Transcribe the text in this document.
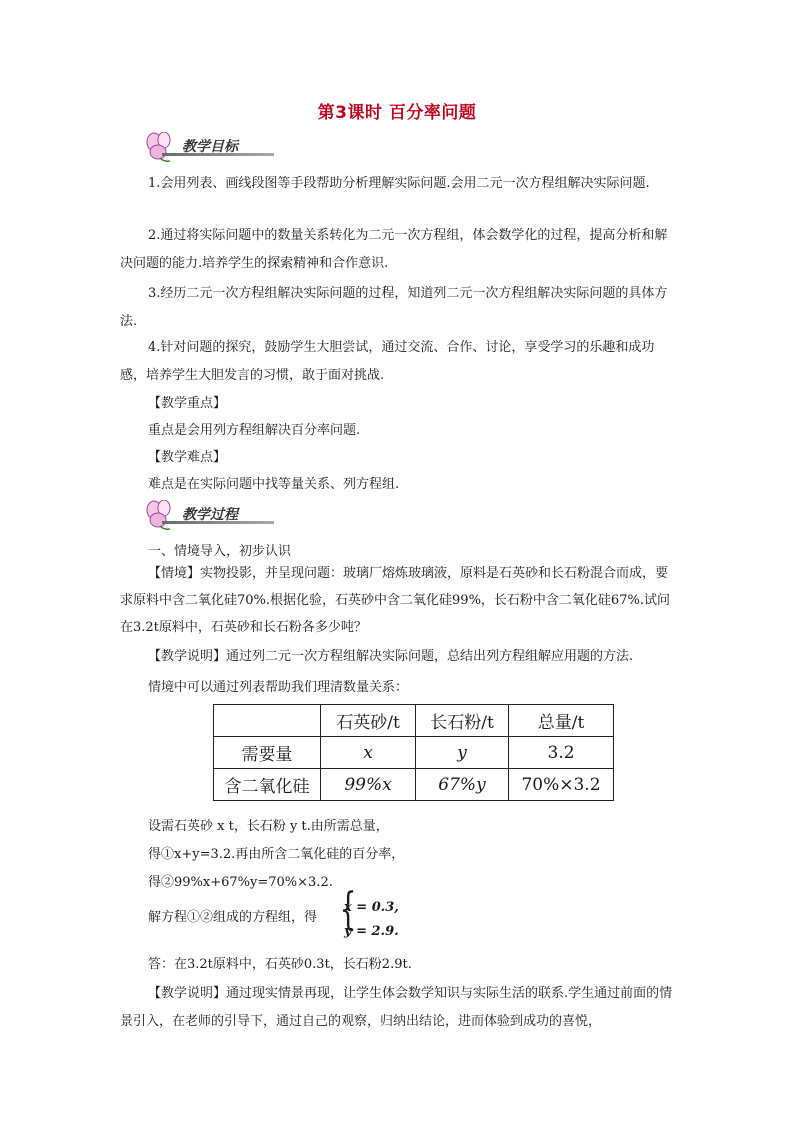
第3课时 百分率问题
教学目标
1.会用列表、画线段图等手段帮助分析理解实际问题.会用二元一次方程组解决实际问题.
2.通过将实际问题中的数量关系转化为二元一次方程组，体会数学化的过程，提高分析和解决问题的能力.培养学生的探索精神和合作意识.
3.经历二元一次方程组解决实际问题的过程，知道列二元一次方程组解决实际问题的具体方法.
4.针对问题的探究，鼓励学生大胆尝试，通过交流、合作、讨论，享受学习的乐趣和成功感，培养学生大胆发言的习惯，敢于面对挑战.
【教学重点】
重点是会用列方程组解决百分率问题.
【教学难点】
难点是在实际问题中找等量关系、列方程组.
教学过程
一、情境导入，初步认识
【情境】实物投影，并呈现问题：玻璃厂熔炼玻璃液，原料是石英砂和长石粉混合而成，要求原料中含二氧化硅70%.根据化验，石英砂中含二氧化硅99%，长石粉中含二氧化硅67%.试问在3.2t原料中，石英砂和长石粉各多少吨？
【教学说明】通过列二元一次方程组解决实际问题，总结出列方程组解应用题的方法.
情境中可以通过列表帮助我们理清数量关系：
	石英砂/t	长石粉/t	总量/t
需要量	x	y	3.2
含二氧化硅	99%x	67%y	70%×3.2
设需石英砂 x t，长石粉 y t.由所需总量，
得①x+y=3.2.再由所含二氧化硅的百分率，
得②99%x+67%y=70%×3.2.
解方程①②组成的方程组，得 {
x = 0.3,
y = 2.9.
答：在3.2t原料中，石英砂0.3t，长石粉2.9t.
【教学说明】通过现实情景再现，让学生体会数学知识与实际生活的联系.学生通过前面的情景引入，在老师的引导下，通过自己的观察，归纳出结论，进而体验到成功的喜悦，
